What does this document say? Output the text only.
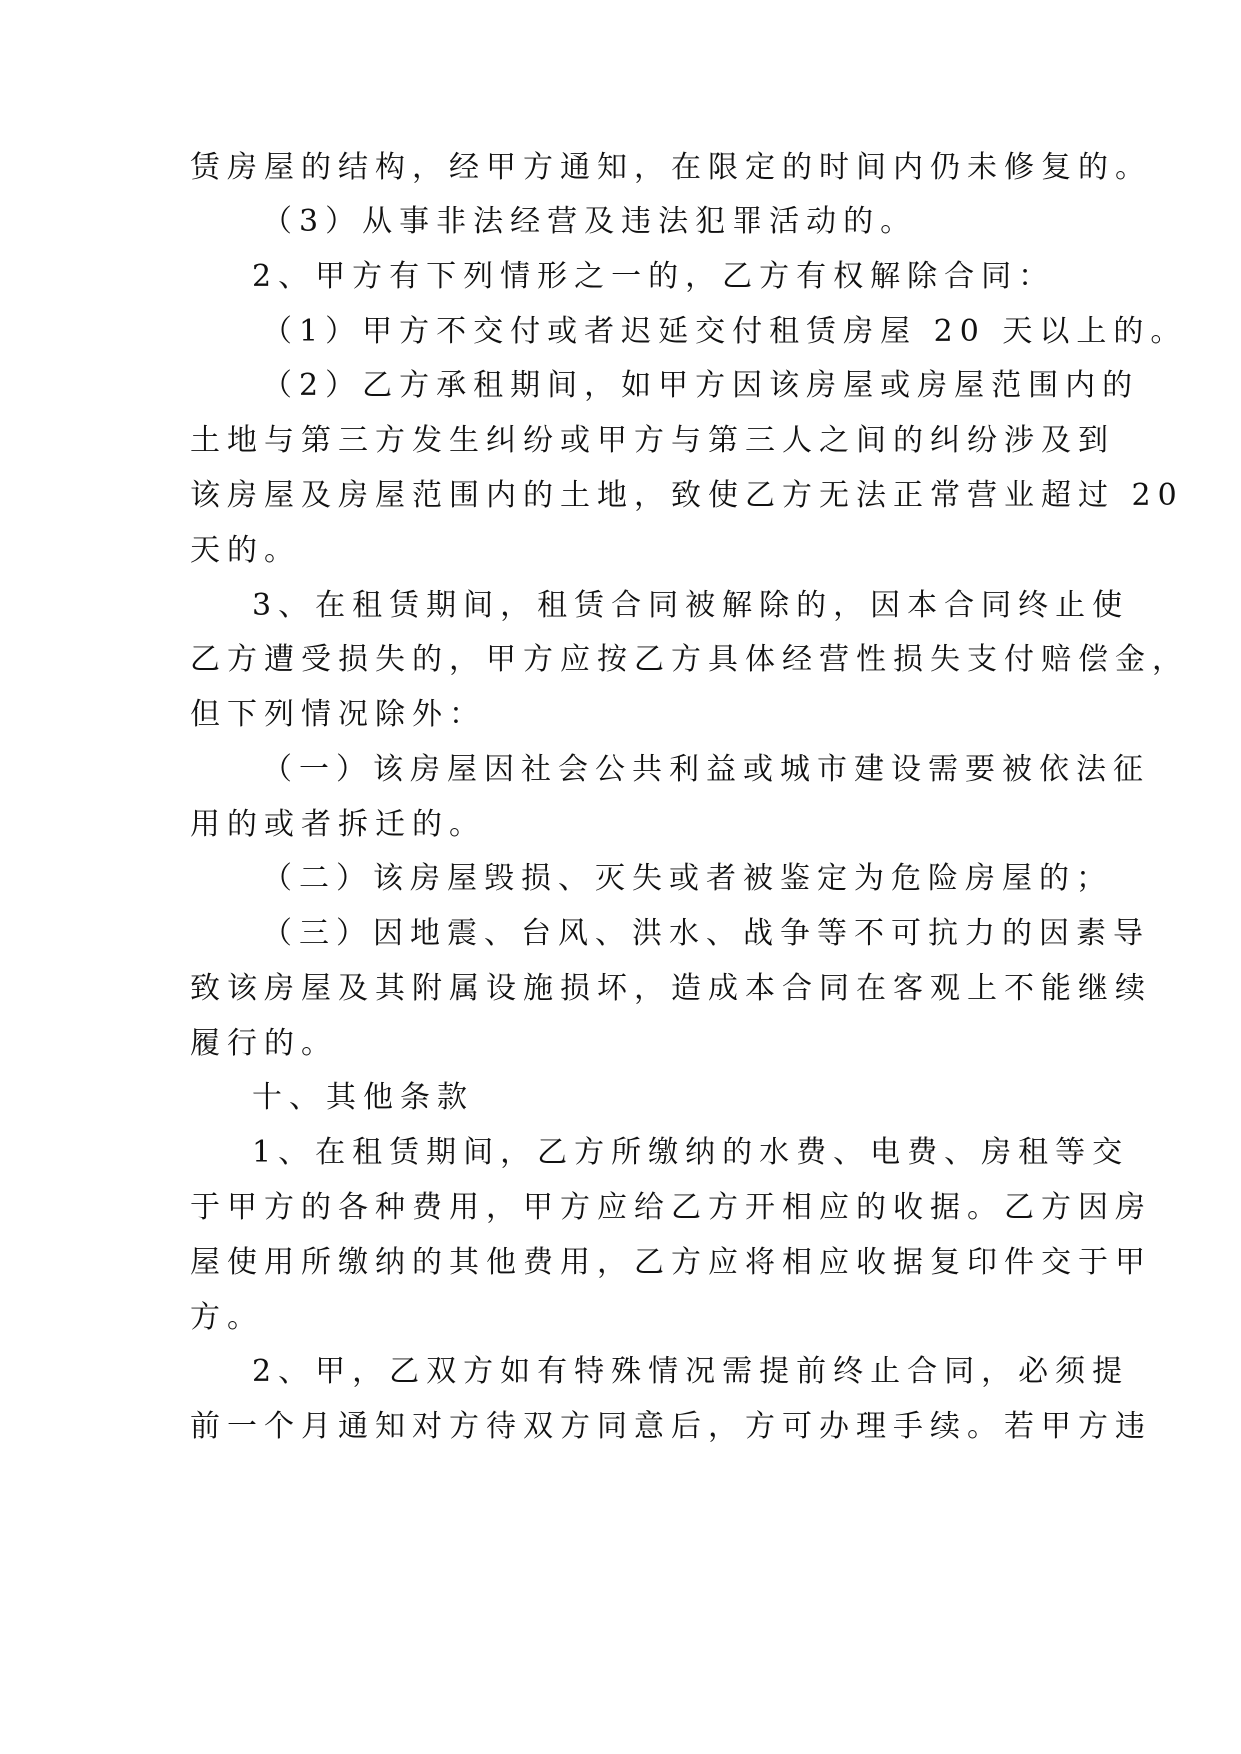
赁房屋的结构，经甲方通知，在限定的时间内仍未修复的。
（3）从事非法经营及违法犯罪活动的。
2、甲方有下列情形之一的，乙方有权解除合同：
（1）甲方不交付或者迟延交付租赁房屋 20 天以上的。
（2）乙方承租期间，如甲方因该房屋或房屋范围内的
土地与第三方发生纠纷或甲方与第三人之间的纠纷涉及到
该房屋及房屋范围内的土地，致使乙方无法正常营业超过 20
天的。
3、在租赁期间，租赁合同被解除的，因本合同终止使
乙方遭受损失的，甲方应按乙方具体经营性损失支付赔偿金，
但下列情况除外：
（一）该房屋因社会公共利益或城市建设需要被依法征
用的或者拆迁的。
（二）该房屋毁损、灭失或者被鉴定为危险房屋的；
（三）因地震、台风、洪水、战争等不可抗力的因素导
致该房屋及其附属设施损坏，造成本合同在客观上不能继续
履行的。
十、其他条款
1、在租赁期间，乙方所缴纳的水费、电费、房租等交
于甲方的各种费用，甲方应给乙方开相应的收据。乙方因房
屋使用所缴纳的其他费用，乙方应将相应收据复印件交于甲
方。
2、甲，乙双方如有特殊情况需提前终止合同，必须提
前一个月通知对方待双方同意后，方可办理手续。若甲方违
